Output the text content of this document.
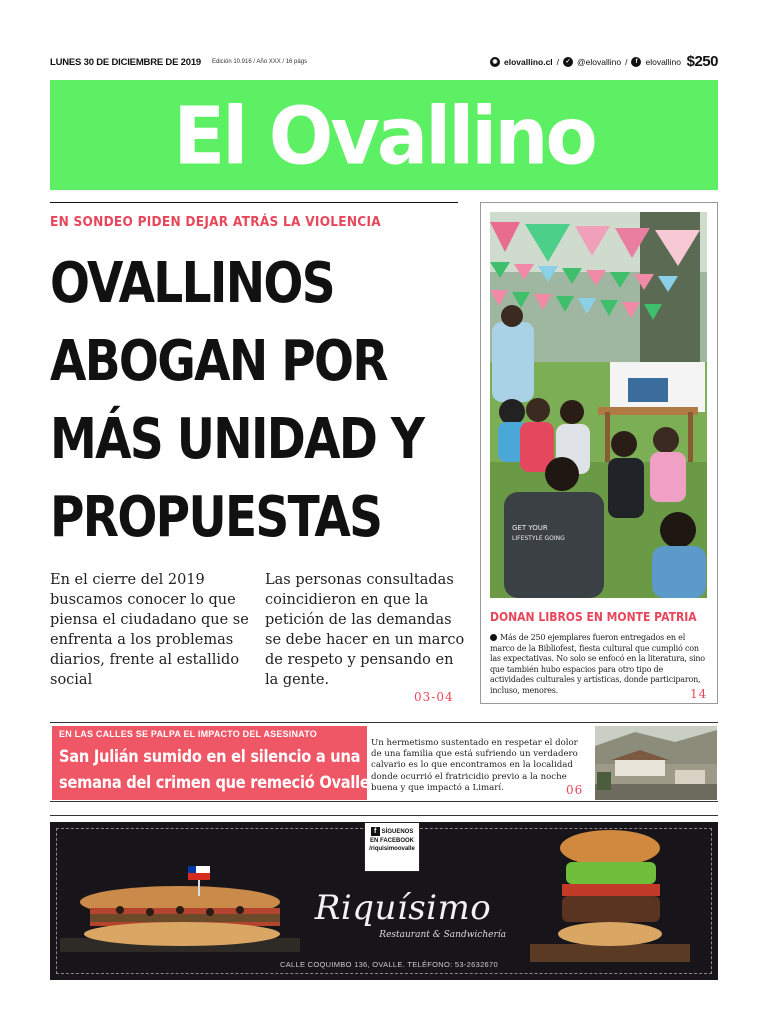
LUNES 30 DE DICIEMBRE DE 2019 Edición 10.916 / Año XXX / 16 págs	◉ elovallino.cl /	✓ @elovallino /	f elovallino $250
El Ovallino
EN SONDEO PIDEN DEJAR ATRÁS LA VIOLENCIA
OVALLINOS
ABOGAN POR
MÁS UNIDAD Y
PROPUESTAS
En el cierre del 2019 buscamos conocer lo que piensa el ciudadano que se enfrenta a los problemas diarios, frente al estallido social
Las personas consultadas coincidieron en que la petición de las demandas se debe hacer en un marco de respeto y pensando en la gente.
03-04
GET YOUR
LIFESTYLE GOING
DONAN LIBROS EN MONTE PATRIA
Más de 250 ejemplares fueron entregados en el marco de la Bibliofest, fiesta cultural que cumplió con las expectativas. No solo se enfocó en la literatura, sino que también hubo espacios para otro tipo de actividades culturales y artísticas, donde participaron, incluso, menores.	14
EN LAS CALLES SE PALPA EL IMPACTO DEL ASESINATO
San Julián sumido en el silencio a una
semana del crimen que remeció Ovalle
Un hermetismo sustentado en respetar el dolor de una familia que está sufriendo un verdadero calvario es lo que encontramos en la localidad donde ocurrió el fratricidio previo a la noche buena y que impactó a Limarí.	06
f SÍGUENOS
EN FACEBOOK
/riquisimoovalle
Riquísimo
Restaurant & Sandwichería
CALLE COQUIMBO 136, OVALLE. TELÉFONO: 53-2632670
